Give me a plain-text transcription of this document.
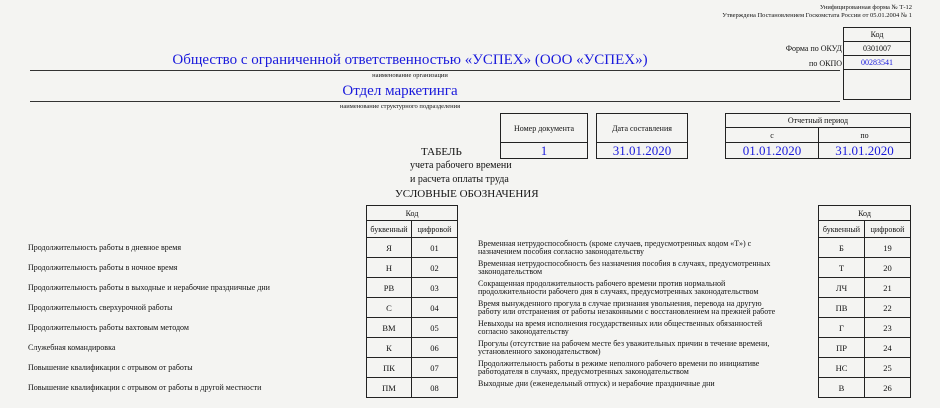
Унифицированная форма № Т-12
Утверждена Постановлением Госкомстата России от 05.01.2004 № 1
Код
Форма по ОКУД	0301007
по ОКПО	00283541
Общество с ограниченной ответственностью «УСПЕХ» (ООО «УСПЕХ»)
наименование организации
Отдел маркетинга
наименование структурного подразделения
Номер документа	Дата составления
1	31.01.2020
Отчетный период
с	по
01.01.2020	31.01.2020
ТАБЕЛЬ
учета рабочего времени
и расчета оплаты труда
УСЛОВНЫЕ ОБОЗНАЧЕНИЯ
Код
буквенный	цифровой
Код
буквенный	цифровой
Продолжительность работы в дневное время	Я	01
Продолжительность работы в ночное время	Н	02
Продолжительность работы в выходные и нерабочие праздничные дни	РВ	03
Продолжительность сверхурочной работы	С	04
Продолжительность работы вахтовым методом	ВМ	05
Служебная командировка	К	06
Повышение квалификации с отрывом от работы	ПК	07
Повышение квалификации с отрывом от работы в другой местности	ПМ	08
Временная нетрудоспособность (кроме случаев, предусмотренных кодом «Т») с
назначением пособия согласно законодательству	Б	19
Временная нетрудоспособность без назначения пособия в случаях, предусмотренных
законодательством	Т	20
Сокращенная продолжительность рабочего времени против нормальной
продолжительности рабочего дня в случаях, предусмотренных законодательством	ЛЧ	21
Время вынужденного прогула в случае признания увольнения, перевода на другую
работу или отстранения от работы незаконными с восстановлением на прежней работе	ПВ	22
Невыходы на время исполнения государственных или общественных обязанностей
согласно законодательству	Г	23
Прогулы (отсутствие на рабочем месте без уважительных причин в течение времени,
установленного законодательством)	ПР	24
Продолжительность работы в режиме неполного рабочего времени по инициативе
работодателя в случаях, предусмотренных законодательством	НС	25
Выходные дни (еженедельный отпуск) и нерабочие праздничные дни	В	26
